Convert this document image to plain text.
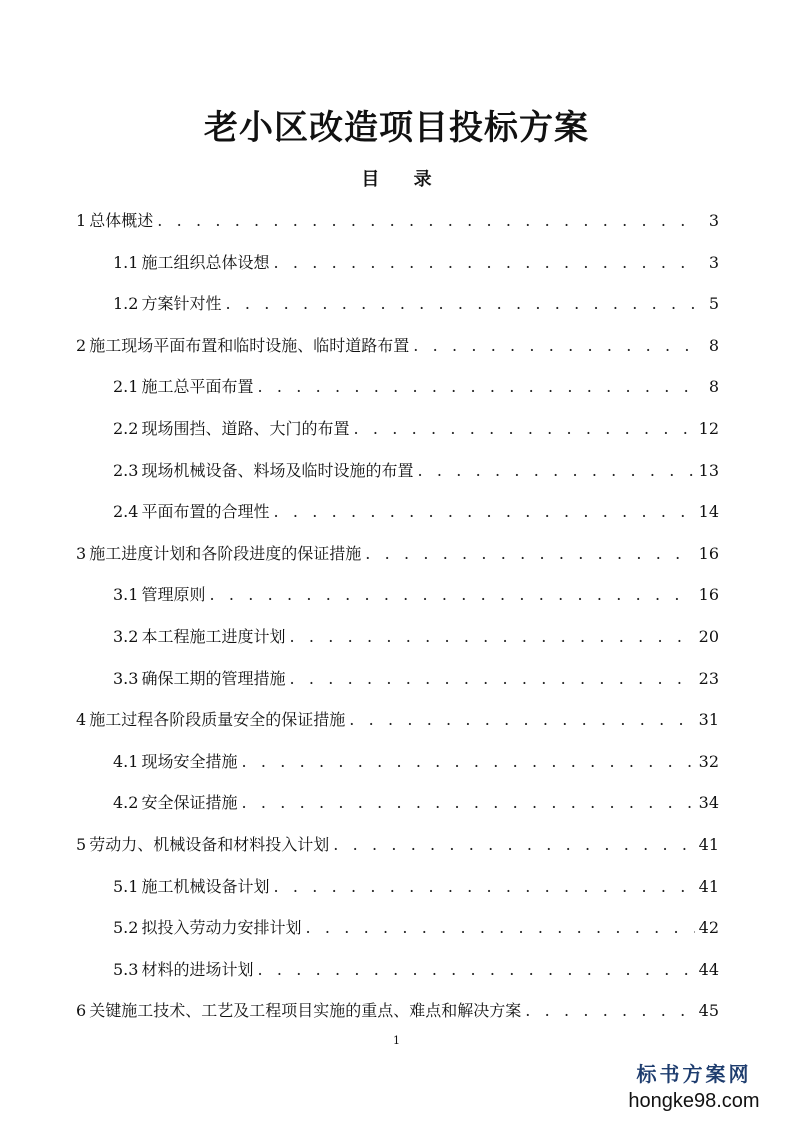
老小区改造项目投标方案
目 录
1 总体概述 . . .	3
1.1 施工组织总体设想 . . .	3
1.2 方案针对性 . . .	5
2 施工现场平面布置和临时设施、临时道路布置 . . .	8
2.1 施工总平面布置 . . .	8
2.2 现场围挡、道路、大门的布置 . . .	12
2.3 现场机械设备、料场及临时设施的布置 . . .	13
2.4 平面布置的合理性 . . .	14
3 施工进度计划和各阶段进度的保证措施 . . .	16
3.1 管理原则 . . .	16
3.2 本工程施工进度计划 . . .	20
3.3 确保工期的管理措施 . . .	23
4 施工过程各阶段质量安全的保证措施 . . .	31
4.1 现场安全措施 . . .	32
4.2 安全保证措施 . . .	34
5 劳动力、机械设备和材料投入计划 . . .	41
5.1 施工机械设备计划 . . .	41
5.2 拟投入劳动力安排计划 . . .	42
5.3 材料的进场计划 . . .	44
6 关键施工技术、工艺及工程项目实施的重点、难点和解决方案 . . .	45
1
标书方案网
hongke98.com
